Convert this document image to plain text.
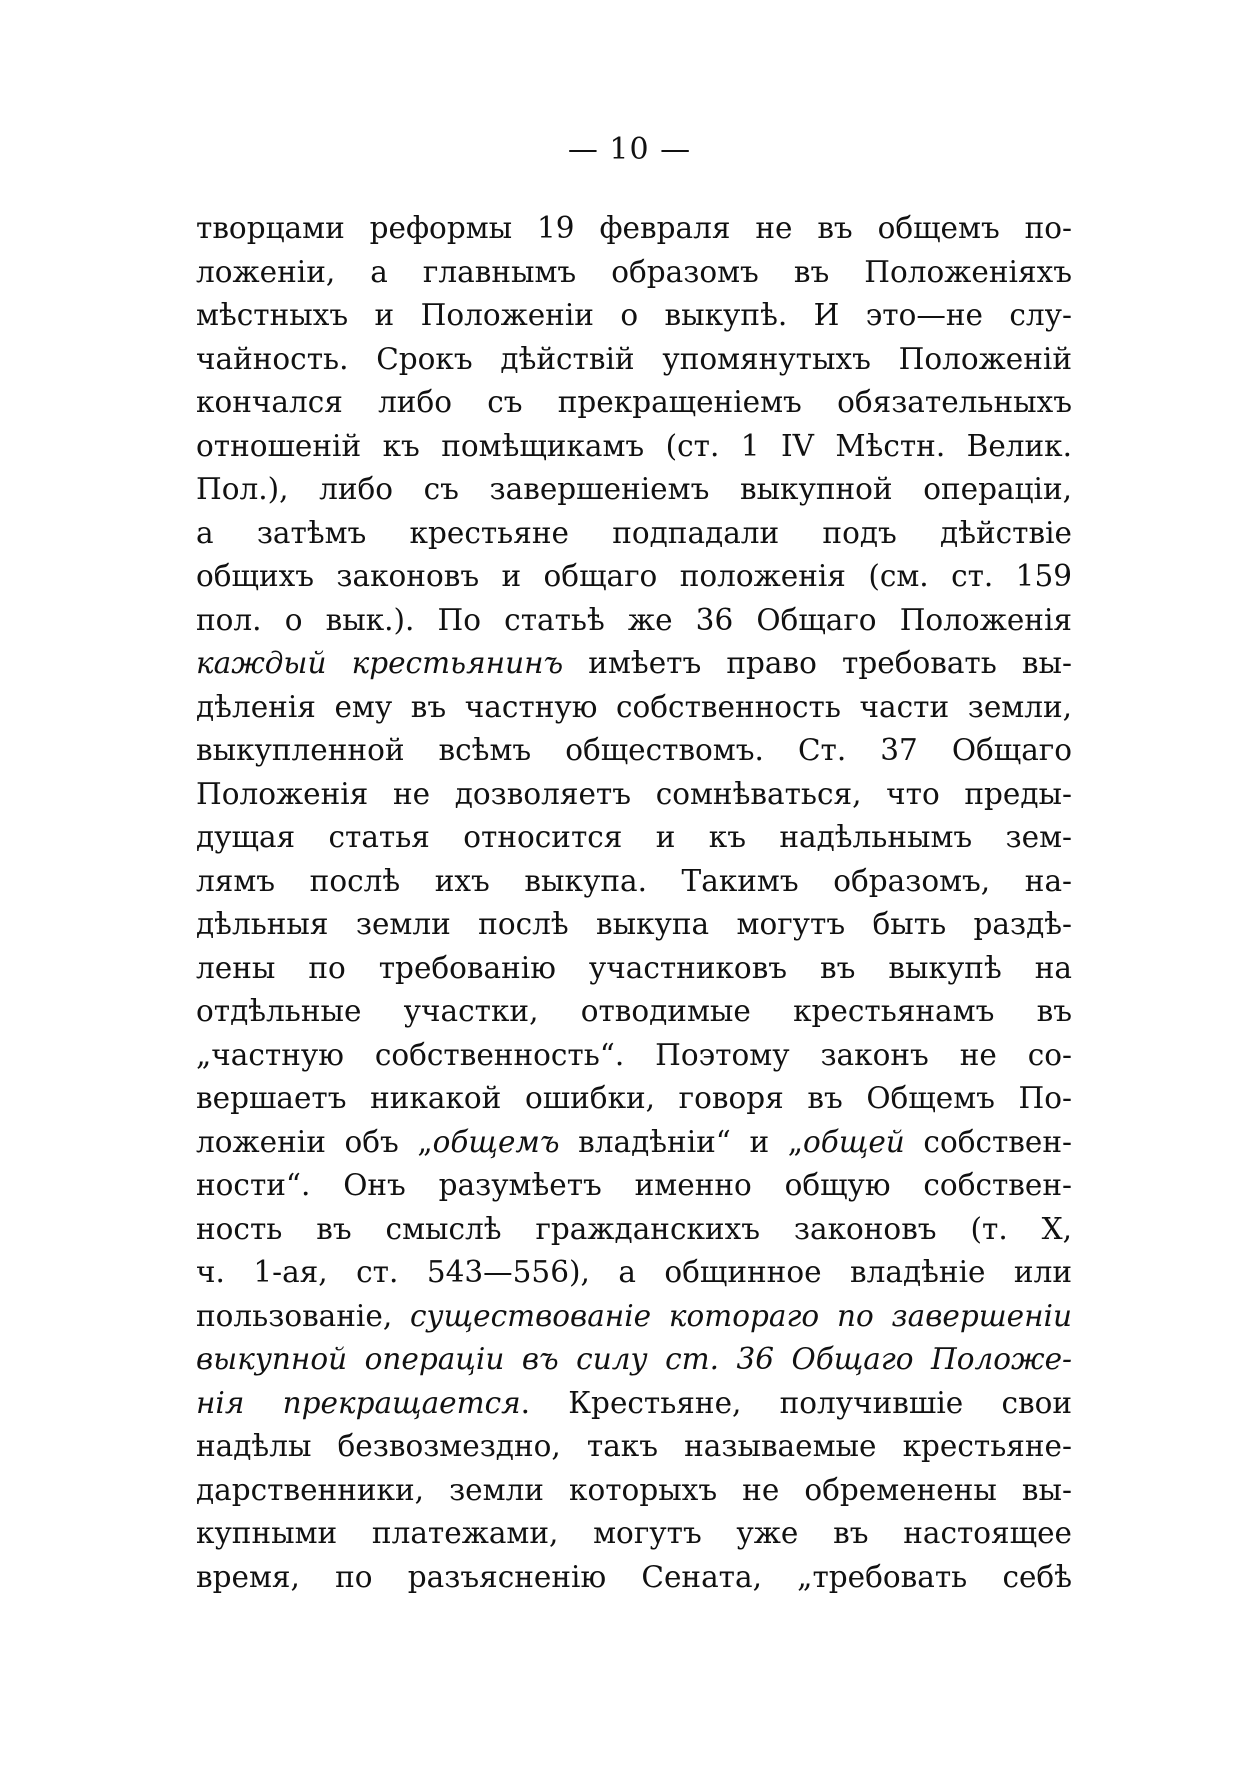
— 10 —
творцами реформы 19 февраля не въ общемъ по-
ложеніи, а главнымъ образомъ въ Положеніяхъ
мѣстныхъ и Положеніи о выкупѣ. И это—не слу-
чайность. Срокъ дѣйствій упомянутыхъ Положеній
кончался либо съ прекращеніемъ обязательныхъ
отношеній къ помѣщикамъ (ст. 1 IV Мѣстн. Велик.
Пол.), либо съ завершеніемъ выкупной операціи,
а затѣмъ крестьяне подпадали подъ дѣйствіе
общихъ законовъ и общаго положенія (см. ст. 159
пол. о вык.). По статьѣ же 36 Общаго Положенія
каждый крестьянинъ имѣетъ право требовать вы-
дѣленія ему въ частную собственность части земли,
выкупленной всѣмъ обществомъ. Ст. 37 Общаго
Положенія не дозволяетъ сомнѣваться, что преды-
дущая статья относится и къ надѣльнымъ зем-
лямъ послѣ ихъ выкупа. Такимъ образомъ, на-
дѣльныя земли послѣ выкупа могутъ быть раздѣ-
лены по требованію участниковъ въ выкупѣ на
отдѣльные участки, отводимые крестьянамъ въ
„частную собственность“. Поэтому законъ не со-
вершаетъ никакой ошибки, говоря въ Общемъ По-
ложеніи объ „общемъ владѣніи“ и „общей собствен-
ности“. Онъ разумѣетъ именно общую собствен-
ность въ смыслѣ гражданскихъ законовъ (т. X,
ч. 1-ая, ст. 543—556), а общинное владѣніе или
пользованіе, существованіе котораго по завершеніи
выкупной операціи въ силу ст. 36 Общаго Положе-
нія прекращается. Крестьяне, получившіе свои
надѣлы безвозмездно, такъ называемые крестьяне-
дарственники, земли которыхъ не обременены вы-
купными платежами, могутъ уже въ настоящее
время, по разъясненію Сената, „требовать себѣ
